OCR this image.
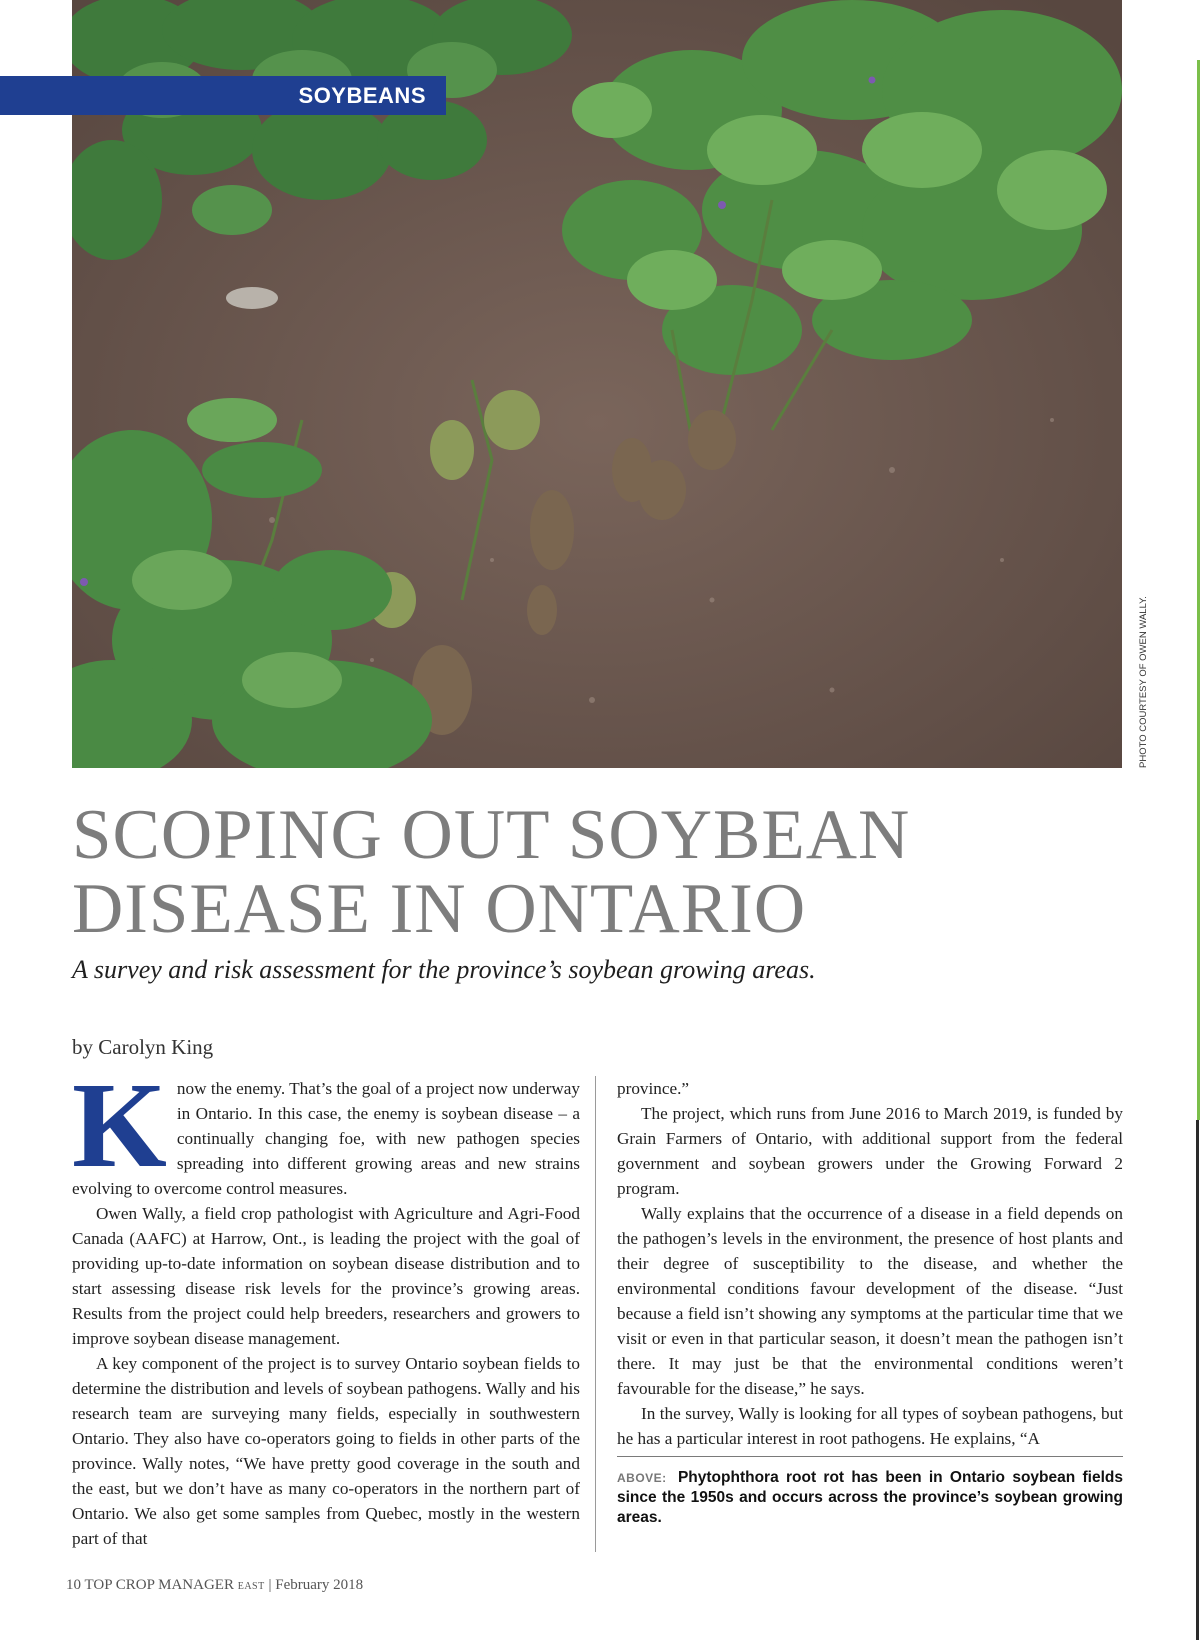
SOYBEANS
PHOTO COURTESY OF OWEN WALLY.
SCOPING OUT SOYBEAN
DISEASE IN ONTARIO
A survey and risk assessment for the province’s soybean growing areas.
by Carolyn King
K now the enemy. That’s the goal of a project now underway in Ontario. In this case, the enemy is soybean disease – a continually changing foe, with new pathogen species spreading into different growing areas and new strains evolving to overcome control measures.

Owen Wally, a field crop pathologist with Agriculture and Agri-Food Canada (AAFC) at Harrow, Ont., is leading the project with the goal of providing up-to-date information on soybean disease distribution and to start assessing disease risk levels for the province’s growing areas. Results from the project could help breeders, researchers and growers to improve soybean disease management.

A key component of the project is to survey Ontario soybean fields to determine the distribution and levels of soybean pathogens. Wally and his research team are surveying many fields, especially in southwestern Ontario. They also have co-operators going to fields in other parts of the province. Wally notes, “We have pretty good coverage in the south and the east, but we don’t have as many co-operators in the northern part of Ontario. We also get some samples from Quebec, mostly in the western part of that

province.”

The project, which runs from June 2016 to March 2019, is funded by Grain Farmers of Ontario, with additional support from the federal government and soybean growers under the Growing Forward 2 program.

Wally explains that the occurrence of a disease in a field depends on the pathogen’s levels in the environment, the presence of host plants and their degree of susceptibility to the disease, and whether the environmental conditions favour development of the disease. “Just because a field isn’t showing any symptoms at the particular time that we visit or even in that particular season, it doesn’t mean the pathogen isn’t there. It may just be that the environmental conditions weren’t favourable for the disease,” he says.

In the survey, Wally is looking for all types of soybean pathogens, but he has a particular interest in root pathogens. He explains, “A

ABOVE: Phytophthora root rot has been in Ontario soybean fields since the 1950s and occurs across the province’s soybean growing areas.
10 TOP CROP MANAGER EAST | February 2018
